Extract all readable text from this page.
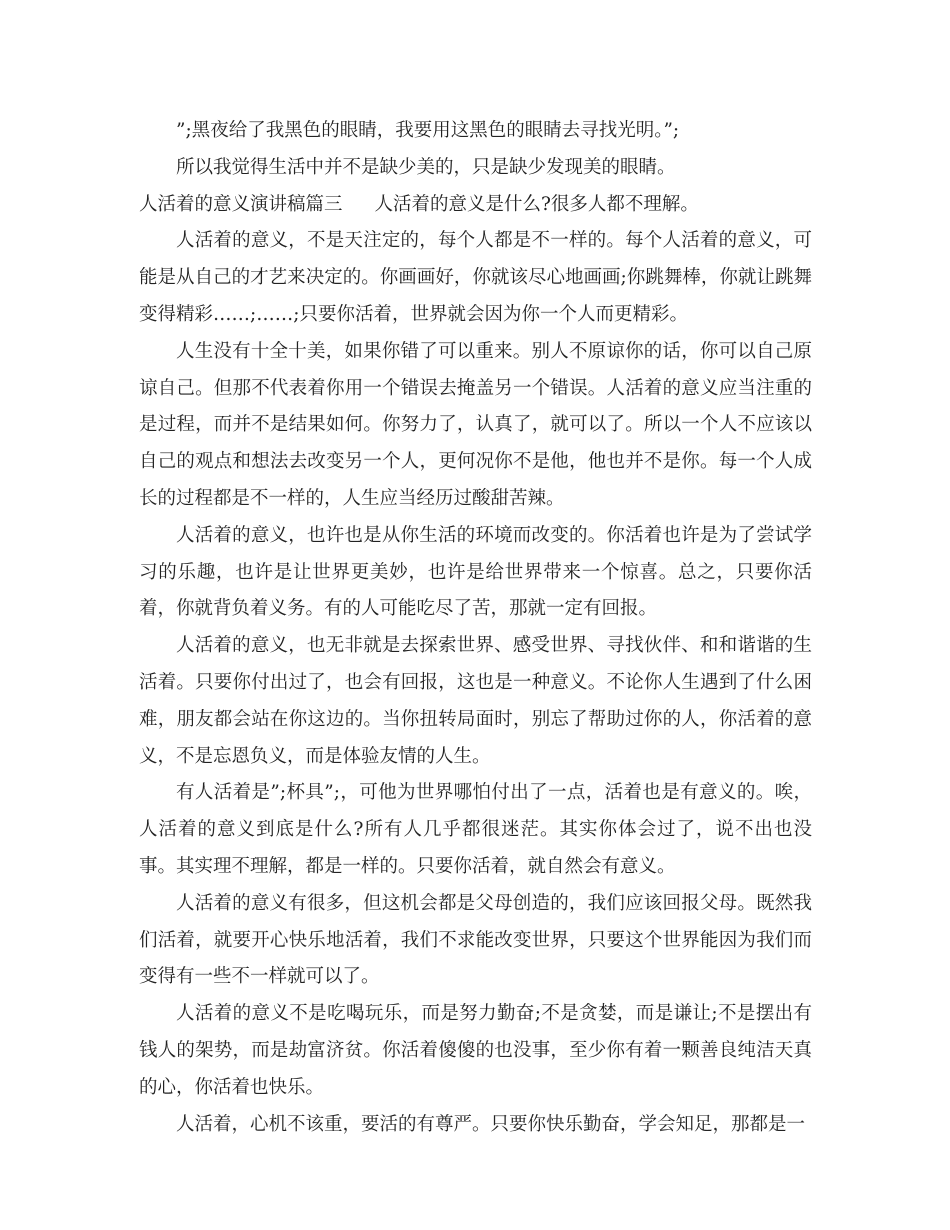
”;黑夜给了我黑色的眼睛，我要用这黑色的眼睛去寻找光明。”;

所以我觉得生活中并不是缺少美的，只是缺少发现美的眼睛。

人活着的意义演讲稿篇三 人活着的意义是什么?很多人都不理解。

人活着的意义，不是天注定的，每个人都是不一样的。每个人活着的意义，可能是从自己的才艺来决定的。你画画好，你就该尽心地画画;你跳舞棒，你就让跳舞变得精彩……;……;只要你活着，世界就会因为你一个人而更精彩。

人生没有十全十美，如果你错了可以重来。别人不原谅你的话，你可以自己原谅自己。但那不代表着你用一个错误去掩盖另一个错误。人活着的意义应当注重的是过程，而并不是结果如何。你努力了，认真了，就可以了。所以一个人不应该以自己的观点和想法去改变另一个人，更何况你不是他，他也并不是你。每一个人成长的过程都是不一样的，人生应当经历过酸甜苦辣。

人活着的意义，也许也是从你生活的环境而改变的。你活着也许是为了尝试学习的乐趣，也许是让世界更美妙，也许是给世界带来一个惊喜。总之，只要你活着，你就背负着义务。有的人可能吃尽了苦，那就一定有回报。

人活着的意义，也无非就是去探索世界、感受世界、寻找伙伴、和和谐谐的生活着。只要你付出过了，也会有回报，这也是一种意义。不论你人生遇到了什么困难，朋友都会站在你这边的。当你扭转局面时，别忘了帮助过你的人，你活着的意义，不是忘恩负义，而是体验友情的人生。

有人活着是”;杯具”;，可他为世界哪怕付出了一点，活着也是有意义的。唉，人活着的意义到底是什么?所有人几乎都很迷茫。其实你体会过了，说不出也没事。其实理不理解，都是一样的。只要你活着，就自然会有意义。

人活着的意义有很多，但这机会都是父母创造的，我们应该回报父母。既然我们活着，就要开心快乐地活着，我们不求能改变世界，只要这个世界能因为我们而变得有一些不一样就可以了。

人活着的意义不是吃喝玩乐，而是努力勤奋;不是贪婪，而是谦让;不是摆出有钱人的架势，而是劫富济贫。你活着傻傻的也没事，至少你有着一颗善良纯洁天真的心，你活着也快乐。

人活着，心机不该重，要活的有尊严。只要你快乐勤奋，学会知足，那都是一
